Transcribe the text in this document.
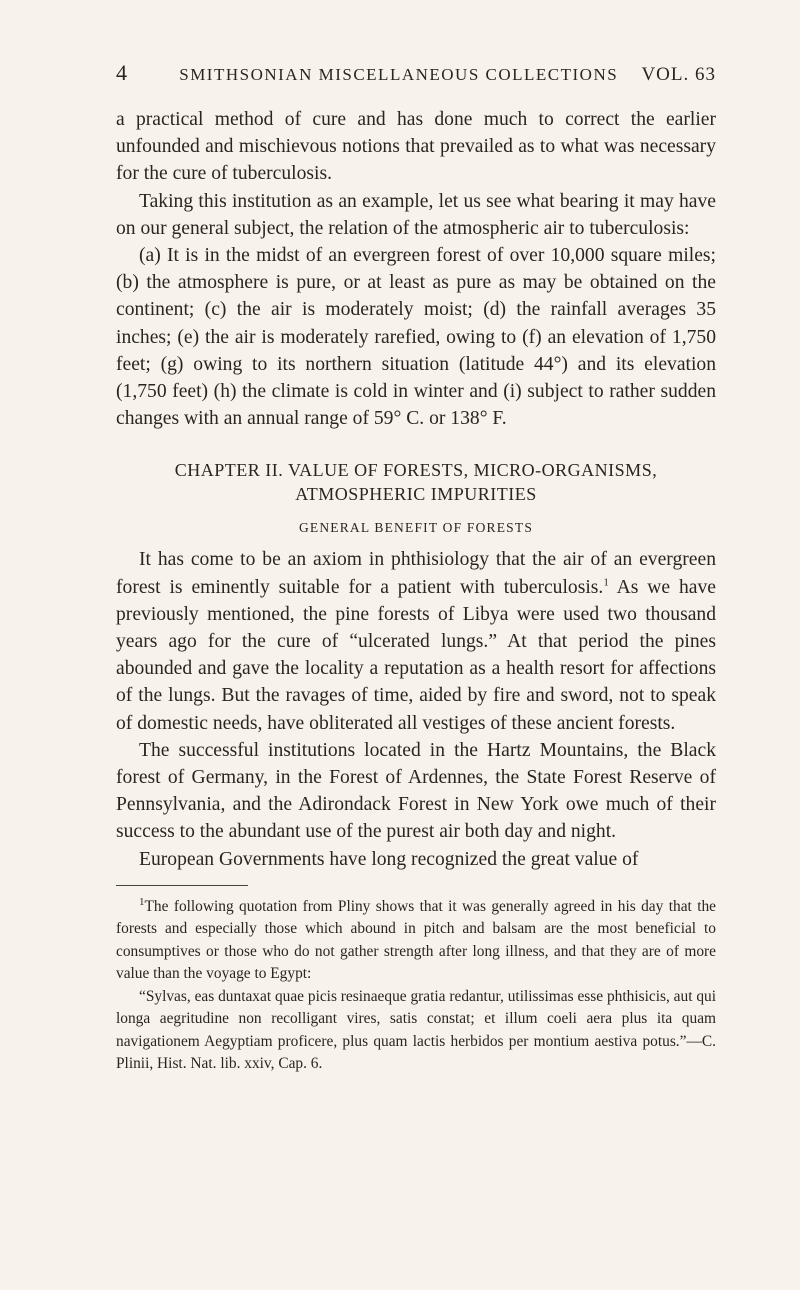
4	SMITHSONIAN MISCELLANEOUS COLLECTIONS	VOL. 63

a practical method of cure and has done much to correct the earlier unfounded and mischievous notions that prevailed as to what was necessary for the cure of tuberculosis.

Taking this institution as an example, let us see what bearing it may have on our general subject, the relation of the atmospheric air to tuberculosis:

(a) It is in the midst of an evergreen forest of over 10,000 square miles; (b) the atmosphere is pure, or at least as pure as may be obtained on the continent; (c) the air is moderately moist; (d) the rainfall averages 35 inches; (e) the air is moderately rarefied, owing to (f) an elevation of 1,750 feet; (g) owing to its northern situation (latitude 44°) and its elevation (1,750 feet) (h) the climate is cold in winter and (i) subject to rather sudden changes with an annual range of 59° C. or 138° F.

CHAPTER II. VALUE OF FORESTS, MICRO-ORGANISMS,
ATMOSPHERIC IMPURITIES
GENERAL BENEFIT OF FORESTS

It has come to be an axiom in phthisiology that the air of an evergreen forest is eminently suitable for a patient with tuberculosis.$^1$ As we have previously mentioned, the pine forests of Libya were used two thousand years ago for the cure of “ulcerated lungs.” At that period the pines abounded and gave the locality a reputation as a health resort for affections of the lungs. But the ravages of time, aided by fire and sword, not to speak of domestic needs, have obliterated all vestiges of these ancient forests.

The successful institutions located in the Hartz Mountains, the Black forest of Germany, in the Forest of Ardennes, the State Forest Reserve of Pennsylvania, and the Adirondack Forest in New York owe much of their success to the abundant use of the purest air both day and night.

European Governments have long recognized the great value of

$^1$The following quotation from Pliny shows that it was generally agreed in his day that the forests and especially those which abound in pitch and balsam are the most beneficial to consumptives or those who do not gather strength after long illness, and that they are of more value than the voyage to Egypt:

“Sylvas, eas duntaxat quae picis resinaeque gratia redantur, utilissimas esse phthisicis, aut qui longa aegritudine non recolligant vires, satis constat; et illum coeli aera plus ita quam navigationem Aegyptiam proficere, plus quam lactis herbidos per montium aestiva potus.”—C. Plinii, Hist. Nat. lib. xxiv, Cap. 6.
